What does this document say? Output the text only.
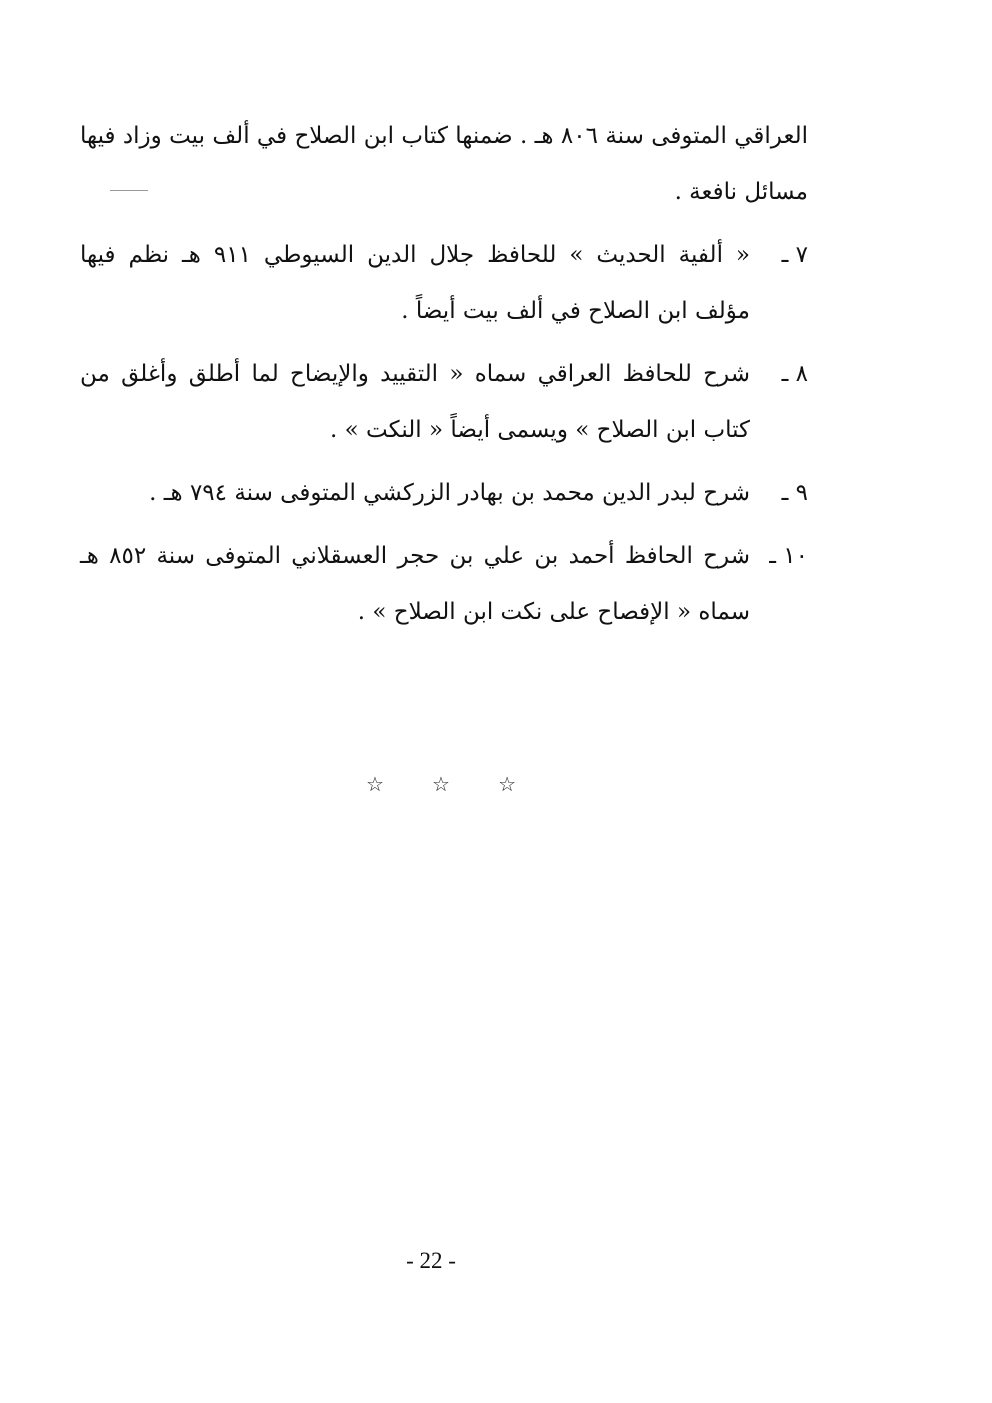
العراقي المتوفى سنة ٨٠٦ هـ . ضمنها كتاب ابن الصلاح في ألف بيت وزاد فيها مسائل نافعة .

٧ ـ
« ألفية الحديث » للحافظ جلال الدين السيوطي ٩١١ هـ نظم فيها مؤلف ابن الصلاح في ألف بيت أيضاً .
٨ ـ
شرح للحافظ العراقي سماه « التقييد والإيضاح لما أطلق وأغلق من كتاب ابن الصلاح » ويسمى أيضاً « النكت » .
٩ ـ
شرح لبدر الدين محمد بن بهادر الزركشي المتوفى سنة ٧٩٤ هـ .
١٠ ـ
شرح الحافظ أحمد بن علي بن حجر العسقلاني المتوفى سنة ٨٥٢ هـ سماه « الإفصاح على نكت ابن الصلاح » .
☆ ☆ ☆
- 22 -
